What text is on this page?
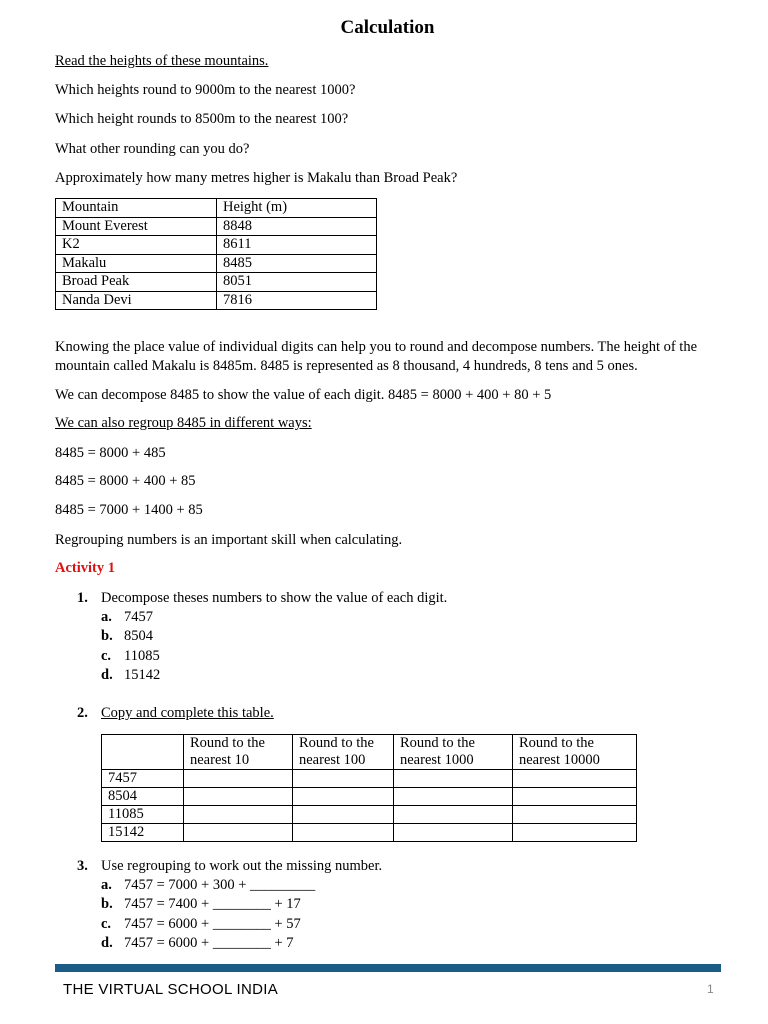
Calculation
Read the heights of these mountains.
Which heights round to 9000m to the nearest 1000?
Which height rounds to 8500m to the nearest 100?
What other rounding can you do?
Approximately how many metres higher is Makalu than Broad Peak?
Mountain	Height (m)
Mount Everest	8848
K2	8611
Makalu	8485
Broad Peak	8051
Nanda Devi	7816
Knowing the place value of individual digits can help you to round and decompose numbers. The height of the mountain called Makalu is 8485m. 8485 is represented as 8 thousand, 4 hundreds, 8 tens and 5 ones.
We can decompose 8485 to show the value of each digit. 8485 = 8000 + 400 + 80 + 5
We can also regroup 8485 in different ways:
8485 = 8000 + 485
8485 = 8000 + 400 + 85
8485 = 7000 + 1400 + 85
Regrouping numbers is an important skill when calculating.
Activity 1
1. Decompose theses numbers to show the value of each digit.
a. 7457
b. 8504
c. 11085
d. 15142
2. Copy and complete this table.
	Round to the nearest 10	Round to the nearest 100	Round to the nearest 1000	Round to the nearest 10000
7457				
8504				
11085				
15142				
3. Use regrouping to work out the missing number.
a. 7457 = 7000 + 300 + _________
b. 7457 = 7400 + ________ + 17
c. 7457 = 6000 + ________ + 57
d. 7457 = 6000 + ________ + 7
THE VIRTUAL SCHOOL INDIA	1
